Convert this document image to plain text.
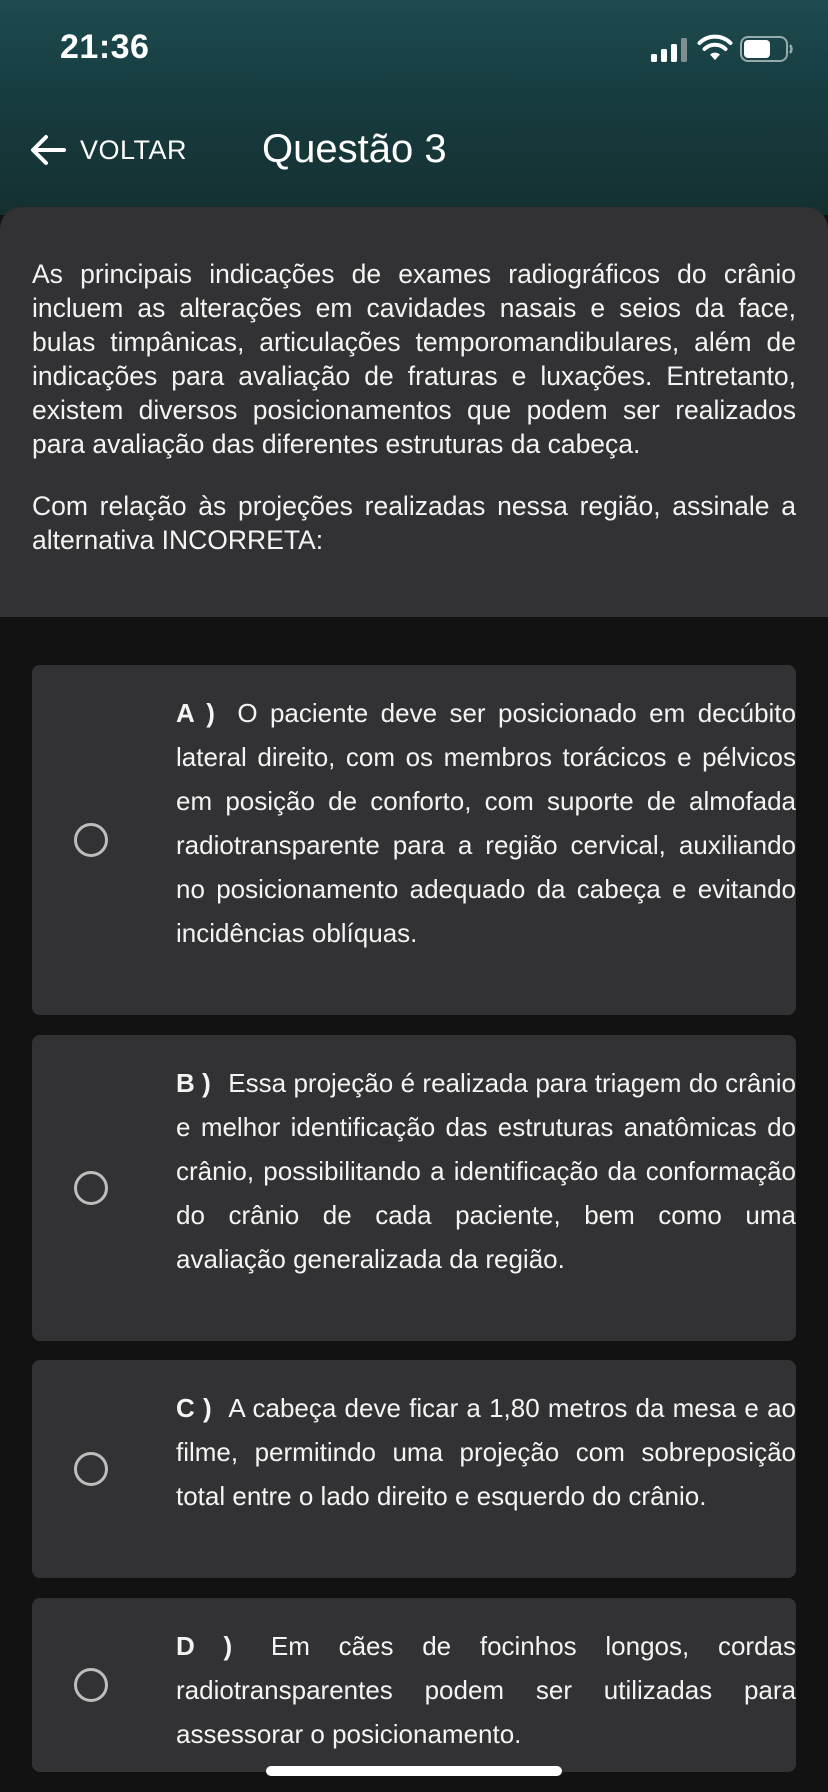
21:36
VOLTAR Questão 3

As principais indicações de exames radiográficos do crânio incluem as alterações em cavidades nasais e seios da face, bulas timpânicas, articulações temporomandibulares, além de indicações para avaliação de fraturas e luxações. Entretanto, existem diversos posicionamentos que podem ser realizados para avaliação das diferentes estruturas da cabeça.

Com relação às projeções realizadas nessa região, assinale a alternativa INCORRETA:

A ) O paciente deve ser posicionado em decúbito lateral direito, com os membros torácicos e pélvicos em posição de conforto, com suporte de almofada radiotransparente para a região cervical, auxiliando no posicionamento adequado da cabeça e evitando incidências oblíquas.
B ) Essa projeção é realizada para triagem do crânio e melhor identificação das estruturas anatômicas do crânio, possibilitando a identificação da conformação do crânio de cada paciente, bem como uma avaliação generalizada da região.
C ) A cabeça deve ficar a 1,80 metros da mesa e ao filme, permitindo uma projeção com sobreposição total entre o lado direito e esquerdo do crânio.
D ) Em cães de focinhos longos, cordas radiotransparentes podem ser utilizadas para assessorar o posicionamento.
